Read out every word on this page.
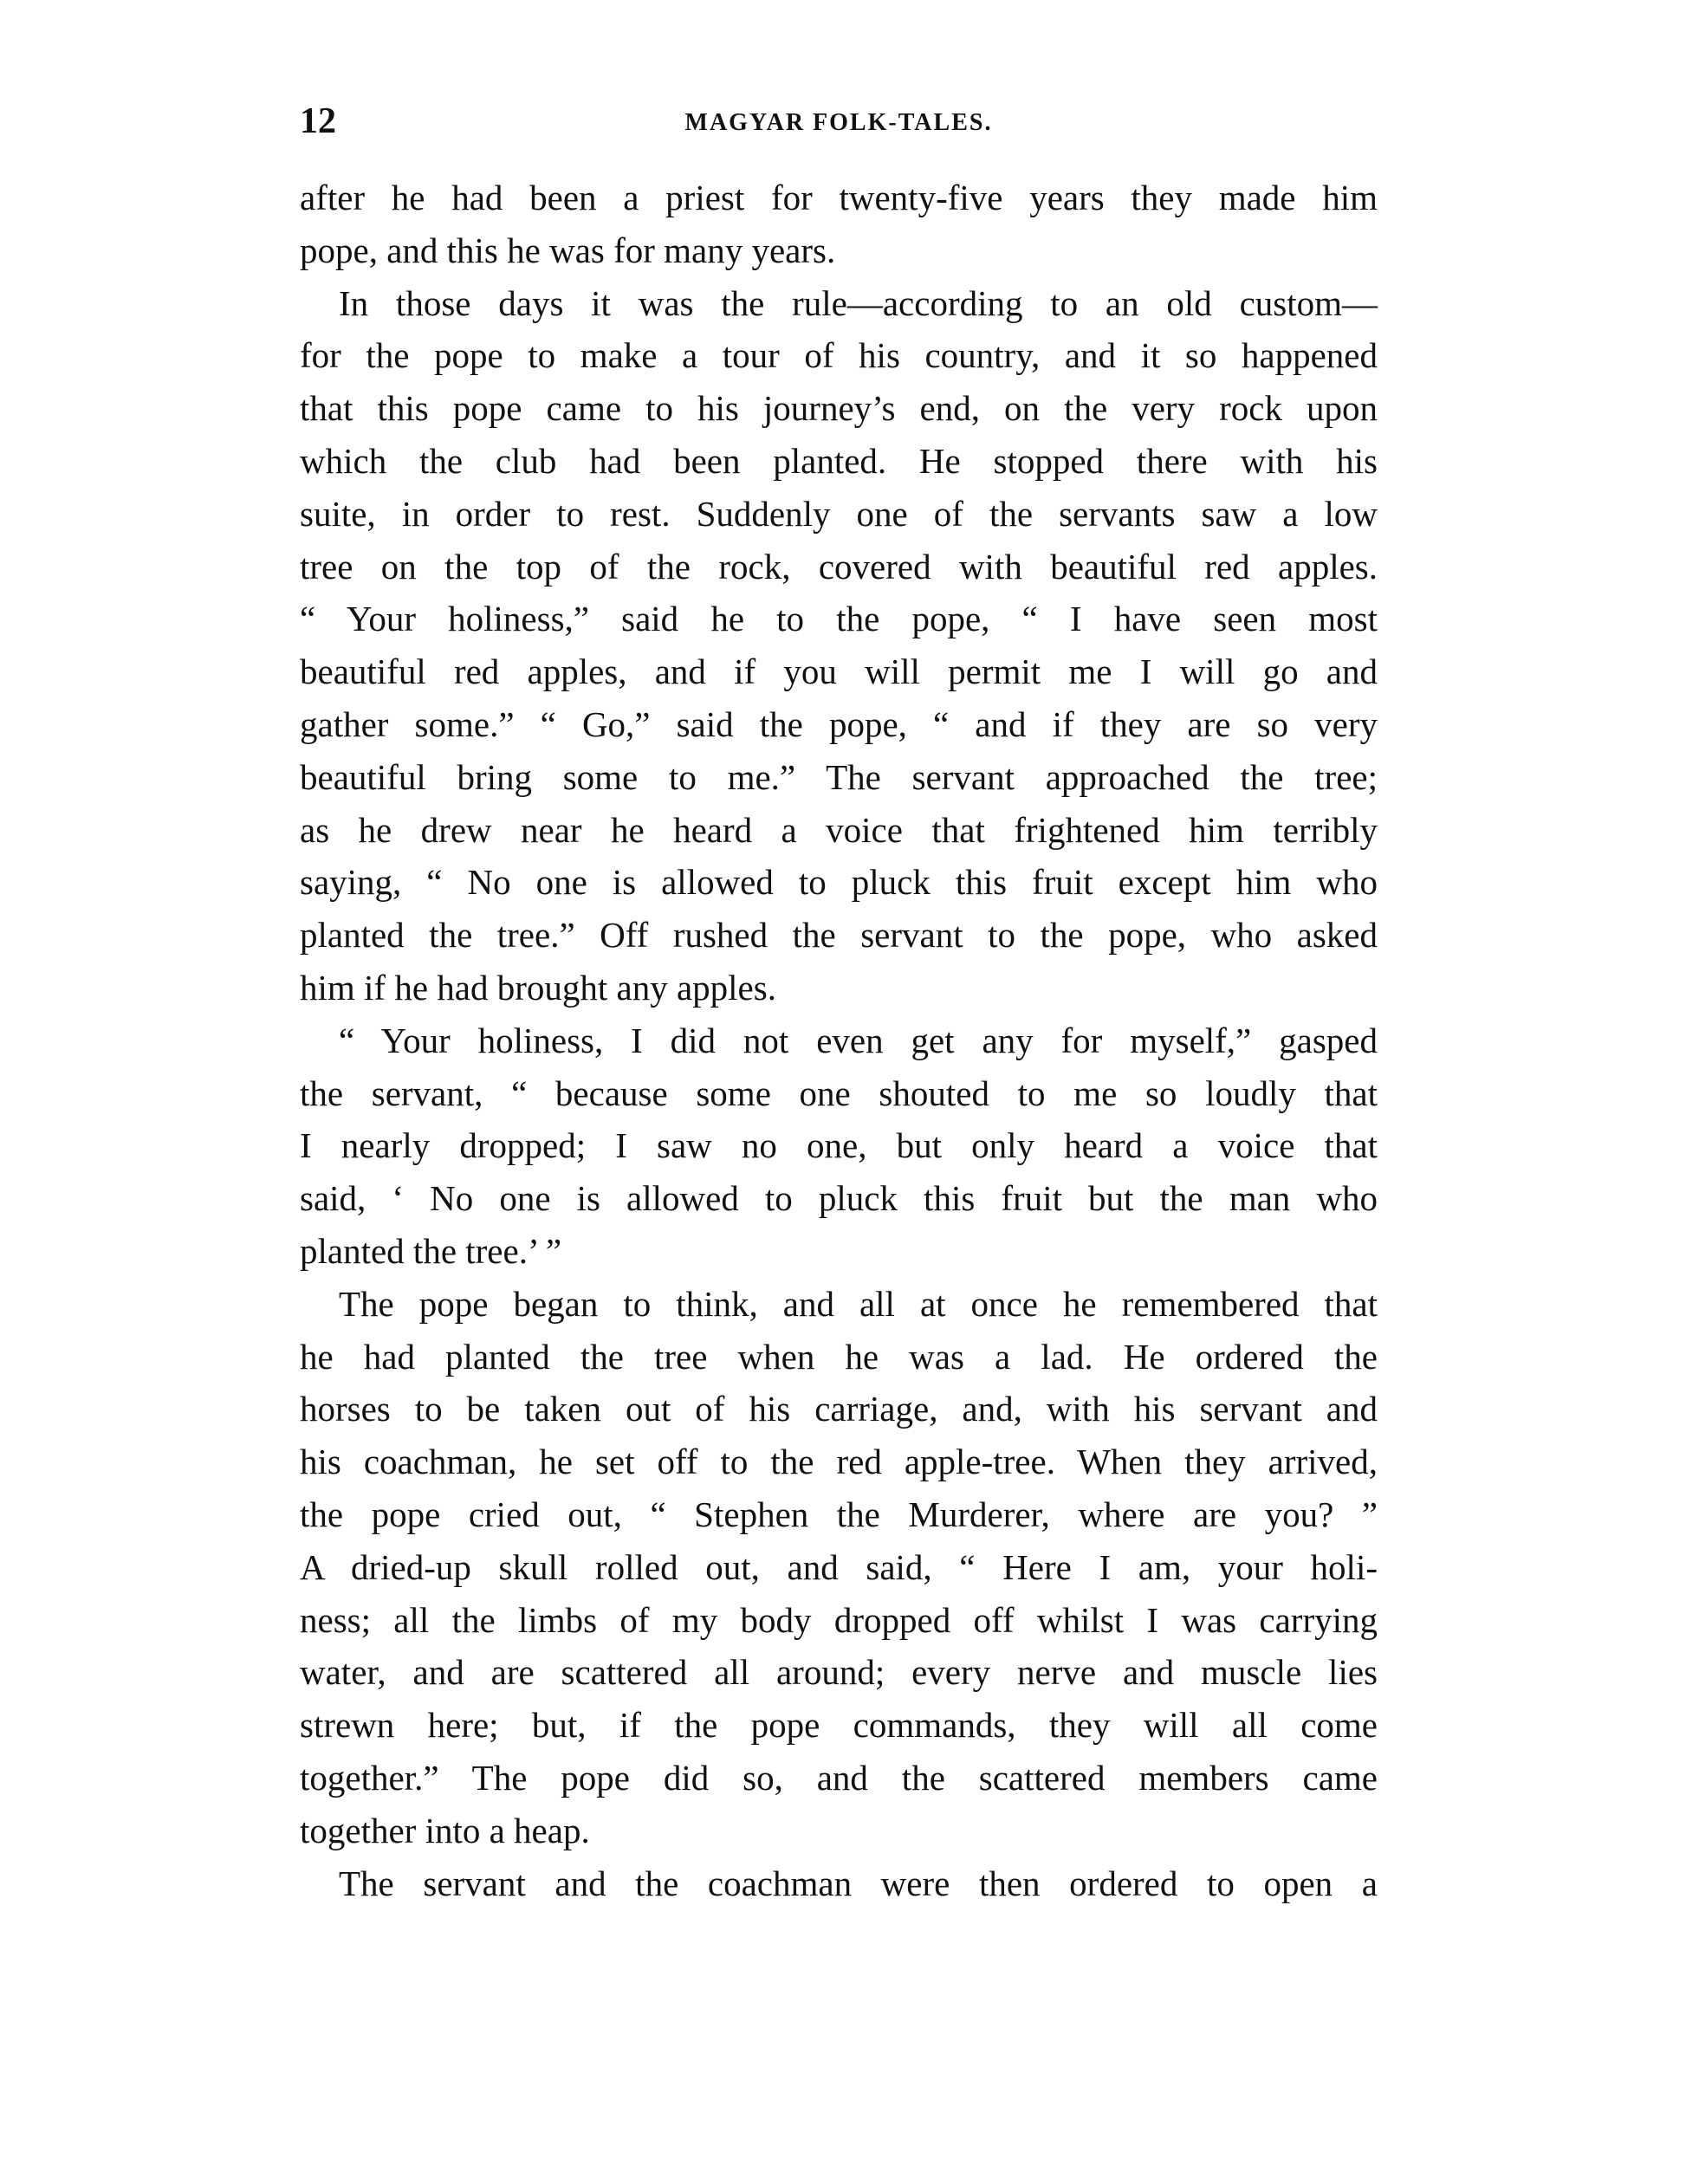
12	MAGYAR FOLK-TALES.
after he had been a priest for twenty-five years they made him
pope, and this he was for many years.
In those days it was the rule—according to an old custom—
for the pope to make a tour of his country, and it so happened
that this pope came to his journey’s end, on the very rock upon
which the club had been planted. He stopped there with his
suite, in order to rest. Suddenly one of the servants saw a low
tree on the top of the rock, covered with beautiful red apples.
“ Your holiness,” said he to the pope, “ I have seen most
beautiful red apples, and if you will permit me I will go and
gather some.” “ Go,” said the pope, “ and if they are so very
beautiful bring some to me.” The servant approached the tree;
as he drew near he heard a voice that frightened him terribly
saying, “ No one is allowed to pluck this fruit except him who
planted the tree.” Off rushed the servant to the pope, who asked
him if he had brought any apples.
“ Your holiness, I did not even get any for myself,” gasped
the servant, “ because some one shouted to me so loudly that
I nearly dropped; I saw no one, but only heard a voice that
said, ‘ No one is allowed to pluck this fruit but the man who
planted the tree.’ ”
The pope began to think, and all at once he remembered that
he had planted the tree when he was a lad. He ordered the
horses to be taken out of his carriage, and, with his servant and
his coachman, he set off to the red apple-tree. When they arrived,
the pope cried out, “ Stephen the Murderer, where are you? ”
A dried-up skull rolled out, and said, “ Here I am, your holi-
ness; all the limbs of my body dropped off whilst I was carrying
water, and are scattered all around; every nerve and muscle lies
strewn here; but, if the pope commands, they will all come
together.” The pope did so, and the scattered members came
together into a heap.
The servant and the coachman were then ordered to open a
